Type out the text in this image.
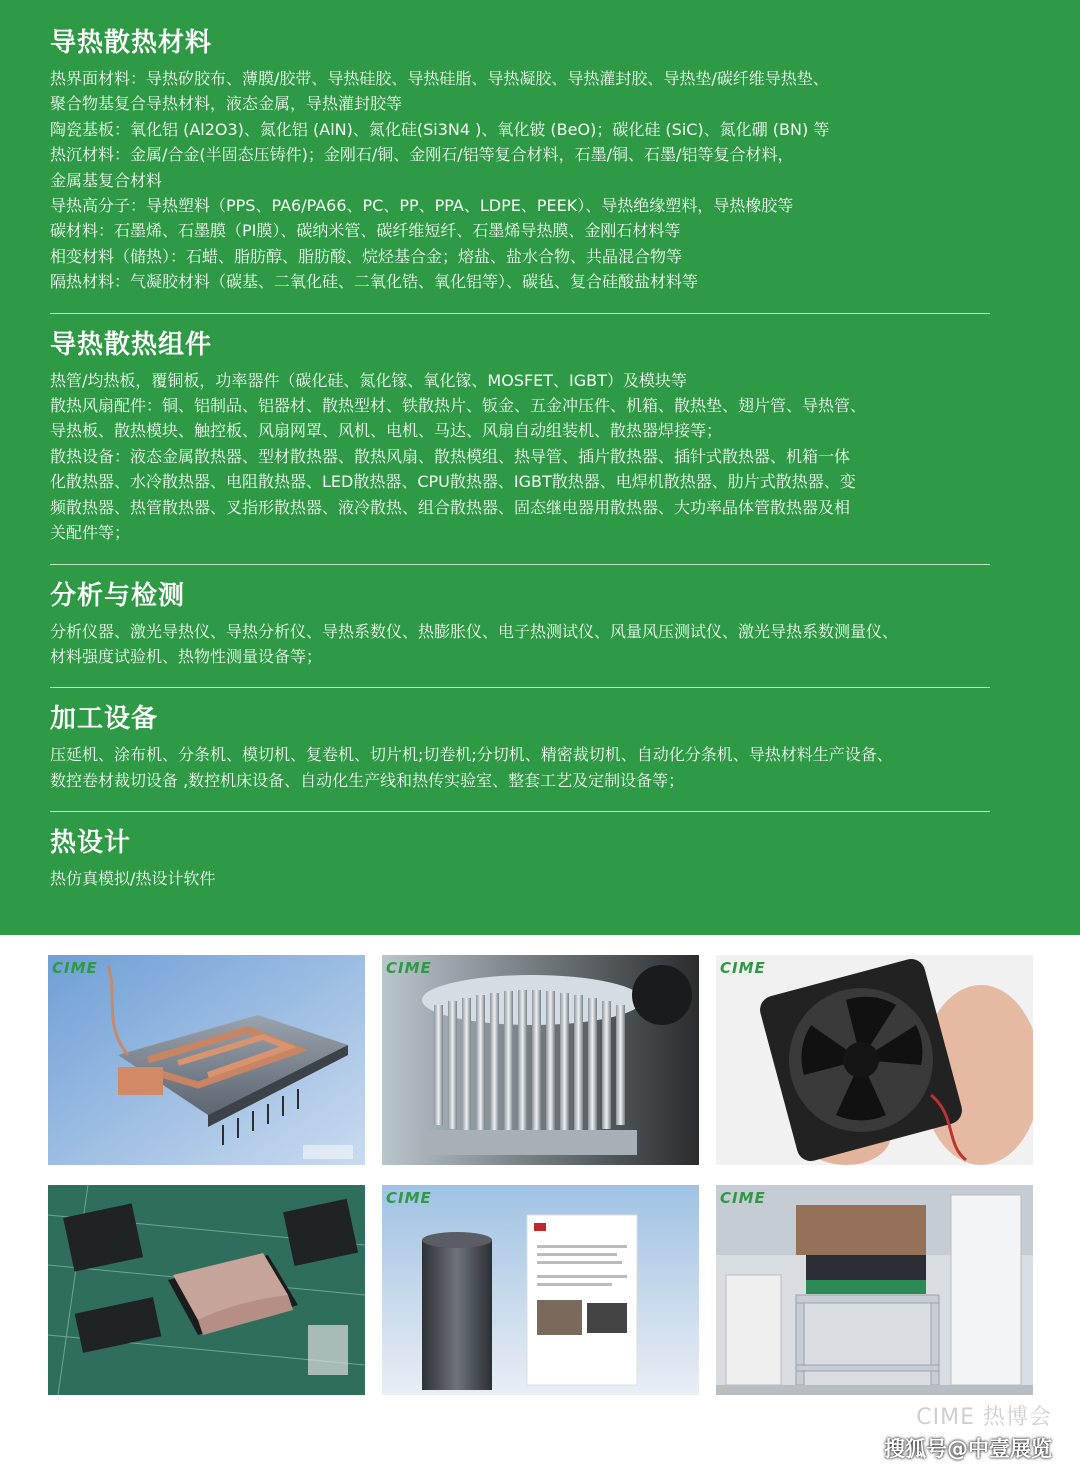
导热散热材料
热界面材料：导热矽胶布、薄膜/胶带、导热硅胶、导热硅脂、导热凝胶、导热灌封胶、导热垫/碳纤维导热垫、
聚合物基复合导热材料，液态金属，导热灌封胶等
陶瓷基板：氧化铝 (Al2O3)、氮化铝 (AlN)、氮化硅(Si3N4 )、氧化铍 (BeO)；碳化硅 (SiC)、氮化硼 (BN) 等
热沉材料：金属/合金(半固态压铸件)；金刚石/铜、金刚石/铝等复合材料，石墨/铜、石墨/铝等复合材料，
金属基复合材料
导热高分子：导热塑料（PPS、PA6/PA66、PC、PP、PPA、LDPE、PEEK）、导热绝缘塑料，导热橡胶等
碳材料：石墨烯、石墨膜（PI膜）、碳纳米管、碳纤维短纤、石墨烯导热膜、金刚石材料等
相变材料（储热）：石蜡、脂肪醇、脂肪酸、烷烃基合金；熔盐、盐水合物、共晶混合物等
隔热材料：气凝胶材料（碳基、二氧化硅、二氧化锆、氧化铝等）、碳毡、复合硅酸盐材料等
导热散热组件
热管/均热板，覆铜板，功率器件（碳化硅、氮化镓、氧化镓、MOSFET、IGBT）及模块等
散热风扇配件：铜、铝制品、铝器材、散热型材、铁散热片、钣金、五金冲压件、机箱、散热垫、翅片管、导热管、
导热板、散热模块、触控板、风扇网罩、风机、电机、马达、风扇自动组装机、散热器焊接等；
散热设备：液态金属散热器、型材散热器、散热风扇、散热模组、热导管、插片散热器、插针式散热器、机箱一体
化散热器、水冷散热器、电阻散热器、LED散热器、CPU散热器、IGBT散热器、电焊机散热器、肋片式散热器、变
频散热器、热管散热器、叉指形散热器、液冷散热、组合散热器、固态继电器用散热器、大功率晶体管散热器及相
关配件等；
分析与检测
分析仪器、激光导热仪、导热分析仪、导热系数仪、热膨胀仪、电子热测试仪、风量风压测试仪、激光导热系数测量仪、
材料强度试验机、热物性测量设备等；
加工设备
压延机、涂布机、分条机、模切机、复卷机、切片机;切卷机;分切机、精密裁切机、自动化分条机、导热材料生产设备、
数控卷材裁切设备 ,数控机床设备、自动化生产线和热传实验室、整套工艺及定制设备等；
热设计
热仿真模拟/热设计软件
CIME	CIME	CIME
CIME	CIME
CIME 热博会
搜狐号@中壹展览
